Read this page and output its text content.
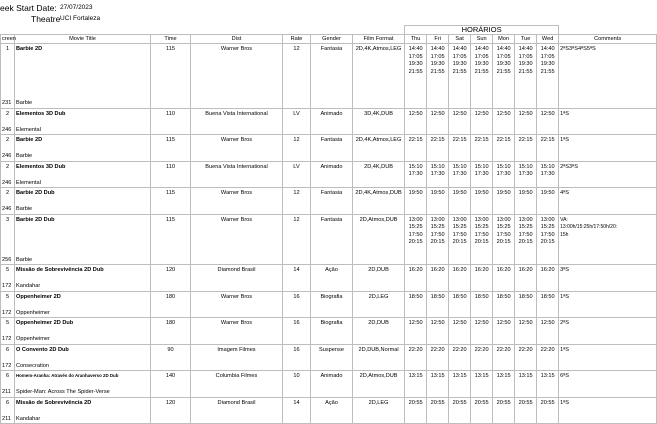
eek Start Date: 27/07/2023
Theatre UCI Fortaleza
							HORÁRIOS							
creen	Movie Title	Time	Dist	Rate	Gender	Film Format	Thu	Fri	Sat	Sun	Mon	Tue	Wed	Comments
1	Barbie 2D	115	Warner Bros	12	Fantasia	2D,4K,Atmos,LEG	14:40
17:05
19:30
21:55	14:40
17:05
19:30
21:55	14:40
17:05
19:30
21:55	14:40
17:05
19:30
21:55	14:40
17:05
19:30
21:55	14:40
17:05
19:30
21:55	14:40
17:05
19:30
21:55	2ªS3ªS4ªS5ªS
231	Barbie													
2	Elementos 3D Dub	110	Buena Vista International	LV	Animado	3D,4K,DUB	12:50	12:50	12:50	12:50	12:50	12:50	12:50	1ªS
246	Elemental													
2	Barbie 2D	115	Warner Bros	12	Fantasia	2D,4K,Atmos,LEG	22:15	22:15	22:15	22:15	22:15	22:15	22:15	1ªS
246	Barbie													
2	Elementos 3D Dub	110	Buena Vista International	LV	Animado	2D,4K,DUB	15:10
17:30	15:10
17:30	15:10
17:30	15:10
17:30	15:10
17:30	15:10
17:30	15:10
17:30	2ªS3ªS
246	Elemental													
2	Barbie 2D Dub	115	Warner Bros	12	Fantasia	2D,4K,Atmos,DUB	19:50	19:50	19:50	19:50	19:50	19:50	19:50	4ªS
246	Barbie													
3	Barbie 2D Dub	115	Warner Bros	12	Fantasia	2D,Atmos,DUB	13:00
15:25
17:50
20:15	13:00
15:25
17:50
20:15	13:00
15:25
17:50
20:15	13:00
15:25
17:50
20:15	13:00
15:25
17:50
20:15	13:00
15:25
17:50
20:15	13:00
15:25
17:50
20:15	VA:
13:00h/15:25h/17:50h/20:
15h
256	Barbie													
5	Missão de Sobrevivência 2D Dub	120	Diamond Brasil	14	Ação	2D,DUB	16:20	16:20	16:20	16:20	16:20	16:20	16:20	3ªS
172	Kandahar													
5	Oppenheimer 2D	180	Warner Bros	16	Biografia	2D,LEG	18:50	18:50	18:50	18:50	18:50	18:50	18:50	1ªS
172	Oppenheimer													
5	Oppenheimer 2D Dub	180	Warner Bros	16	Biografia	2D,DUB	12:50	12:50	12:50	12:50	12:50	12:50	12:50	2ªS
172	Oppenheimer													
6	O Convento 2D Dub	90	Imagem Filmes	16	Suspense	2D,DUB,Normal	22:20	22:20	22:20	22:20	22:20	22:20	22:20	1ªS
172	Consecration													
6	Homem-Aranha: Através do Aranhaverso 2D Dub	140	Columbia Filmes	10	Animado	2D,Atmos,DUB	13:15	13:15	13:15	13:15	13:15	13:15	13:15	6ªS
211	Spider-Man: Across The Spider-Verse													
6	Missão de Sobrevivência 2D	120	Diamond Brasil	14	Ação	2D,LEG	20:55	20:55	20:55	20:55	20:55	20:55	20:55	1ªS
211	Kandahar													
